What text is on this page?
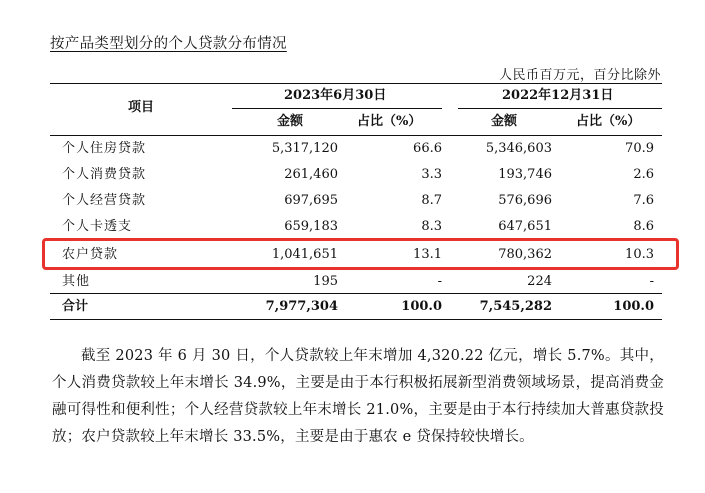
按产品类型划分的个人贷款分布情况
人民币百万元，百分比除外
项目
2023年6月30日	2022年12月31日
金额	占比（%）	金额	占比（%）
个人住房贷款	5,317,120	66.6	5,346,603	70.9
个人消费贷款	261,460	3.3	193,746	2.6
个人经营贷款	697,695	8.7	576,696	7.6
个人卡透支	659,183	8.3	647,651	8.6
农户贷款	1,041,651	13.1	780,362	10.3
其他	195	-	224	-
合计	7,977,304	100.0	7,545,282	100.0

截至 2023 年 6 月 30 日，个人贷款较上年末增加 4,320.22 亿元，增长 5.7%。其中，个人消费贷款较上年末增长 34.9%，主要是由于本行积极拓展新型消费领域场景，提高消费金融可得性和便利性；个人经营贷款较上年末增长 21.0%，主要是由于本行持续加大普惠贷款投放；农户贷款较上年末增长 33.5%，主要是由于惠农 e 贷保持较快增长。
